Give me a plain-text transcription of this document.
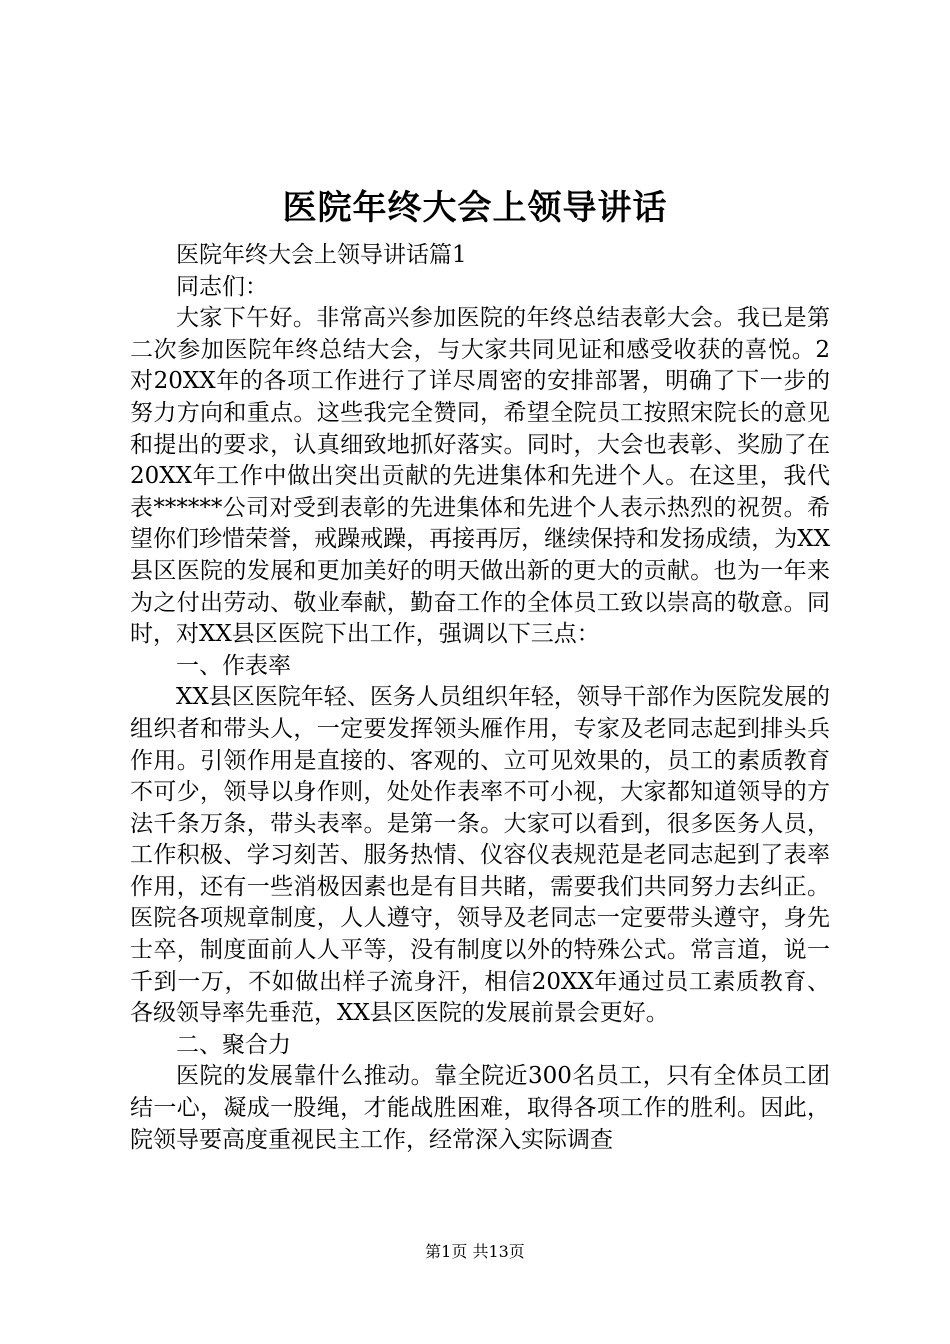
医院年终大会上领导讲话

医院年终大会上领导讲话篇1

同志们：

大家下午好。非常高兴参加医院的年终总结表彰大会。我已是第二次参加医院年终总结大会，与大家共同见证和感受收获的喜悦。2对20XX年的各项工作进行了详尽周密的安排部署，明确了下一步的努力方向和重点。这些我完全赞同，希望全院员工按照宋院长的意见和提出的要求，认真细致地抓好落实。同时，大会也表彰、奖励了在20XX年工作中做出突出贡献的先进集体和先进个人。在这里，我代表******公司对受到表彰的先进集体和先进个人表示热烈的祝贺。希望你们珍惜荣誉，戒躁戒躁，再接再厉，继续保持和发扬成绩，为XX县区医院的发展和更加美好的明天做出新的更大的贡献。也为一年来为之付出劳动、敬业奉献，勤奋工作的全体员工致以崇高的敬意。同时，对XX县区医院下出工作，强调以下三点：

一、作表率

XX县区医院年轻、医务人员组织年轻，领导干部作为医院发展的组织者和带头人，一定要发挥领头雁作用，专家及老同志起到排头兵作用。引领作用是直接的、客观的、立可见效果的，员工的素质教育不可少，领导以身作则，处处作表率不可小视，大家都知道领导的方法千条万条，带头表率。是第一条。大家可以看到，很多医务人员，工作积极、学习刻苦、服务热情、仪容仪表规范是老同志起到了表率作用，还有一些消极因素也是有目共睹，需要我们共同努力去纠正。医院各项规章制度，人人遵守，领导及老同志一定要带头遵守，身先士卒，制度面前人人平等，没有制度以外的特殊公式。常言道，说一千到一万，不如做出样子流身汗，相信20XX年通过员工素质教育、各级领导率先垂范，XX县区医院的发展前景会更好。

二、聚合力

医院的发展靠什么推动。靠全院近300名员工，只有全体员工团结一心，凝成一股绳，才能战胜困难，取得各项工作的胜利。因此，院领导要高度重视民主工作，经常深入实际调查

第1页 共13页
